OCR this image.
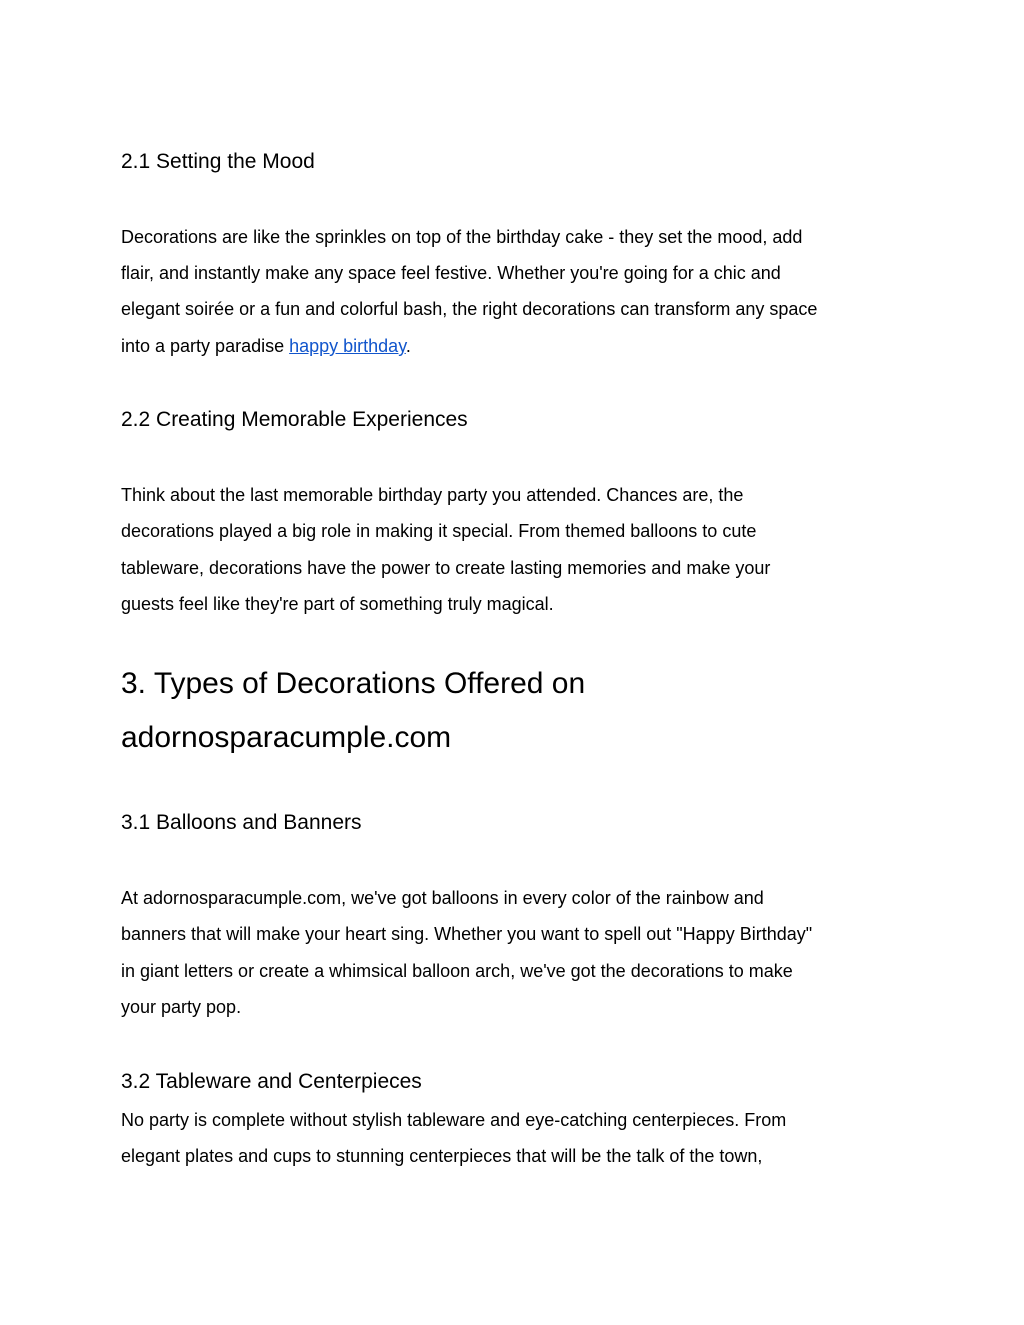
2.1 Setting the Mood

Decorations are like the sprinkles on top of the birthday cake - they set the mood, add

flair, and instantly make any space feel festive. Whether you're going for a chic and

elegant soirée or a fun and colorful bash, the right decorations can transform any space

into a party paradise happy birthday.

2.2 Creating Memorable Experiences

Think about the last memorable birthday party you attended. Chances are, the

decorations played a big role in making it special. From themed balloons to cute

tableware, decorations have the power to create lasting memories and make your

guests feel like they're part of something truly magical.

3. Types of Decorations Offered on
adornosparacumple.com
3.1 Balloons and Banners

At adornosparacumple.com, we've got balloons in every color of the rainbow and

banners that will make your heart sing. Whether you want to spell out "Happy Birthday"

in giant letters or create a whimsical balloon arch, we've got the decorations to make

your party pop.

3.2 Tableware and Centerpieces

No party is complete without stylish tableware and eye-catching centerpieces. From

elegant plates and cups to stunning centerpieces that will be the talk of the town,
